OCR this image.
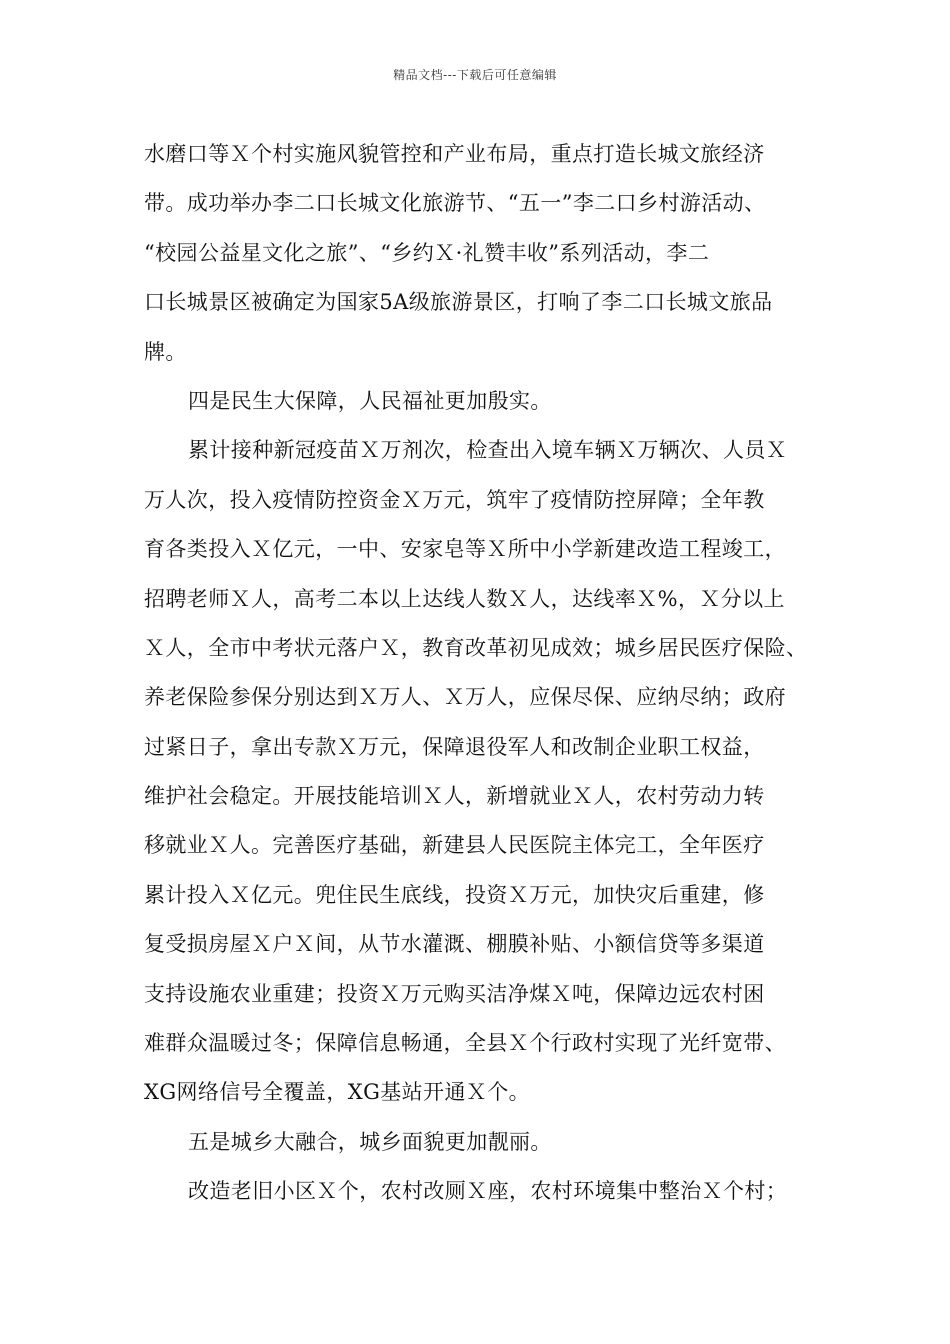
精品文档---下载后可任意编辑
水磨口等Ｘ个村实施风貌管控和产业布局，重点打造长城文旅经济
带。成功举办李二口长城文化旅游节、“五一”李二口乡村游活动、
“校园公益星文化之旅”、“乡约Ｘ·礼赞丰收”系列活动，李二
口长城景区被确定为国家5A级旅游景区，打响了李二口长城文旅品
牌。
四是民生大保障，人民福祉更加殷实。
累计接种新冠疫苗Ｘ万剂次，检查出入境车辆Ｘ万辆次、人员Ｘ
万人次，投入疫情防控资金Ｘ万元，筑牢了疫情防控屏障；全年教
育各类投入Ｘ亿元，一中、安家皂等Ｘ所中小学新建改造工程竣工，
招聘老师Ｘ人，高考二本以上达线人数Ｘ人，达线率Ｘ%，Ｘ分以上
Ｘ人，全市中考状元落户Ｘ，教育改革初见成效；城乡居民医疗保险、
养老保险参保分别达到Ｘ万人、Ｘ万人，应保尽保、应纳尽纳；政府
过紧日子，拿出专款Ｘ万元，保障退役军人和改制企业职工权益，
维护社会稳定。开展技能培训Ｘ人，新增就业Ｘ人，农村劳动力转
移就业Ｘ人。完善医疗基础，新建县人民医院主体完工，全年医疗
累计投入Ｘ亿元。兜住民生底线，投资Ｘ万元，加快灾后重建，修
复受损房屋Ｘ户Ｘ间，从节水灌溉、棚膜补贴、小额信贷等多渠道
支持设施农业重建；投资Ｘ万元购买洁净煤Ｘ吨，保障边远农村困
难群众温暖过冬；保障信息畅通，全县Ｘ个行政村实现了光纤宽带、
XG网络信号全覆盖，XG基站开通Ｘ个。
五是城乡大融合，城乡面貌更加靓丽。
改造老旧小区Ｘ个，农村改厕Ｘ座，农村环境集中整治Ｘ个村；
